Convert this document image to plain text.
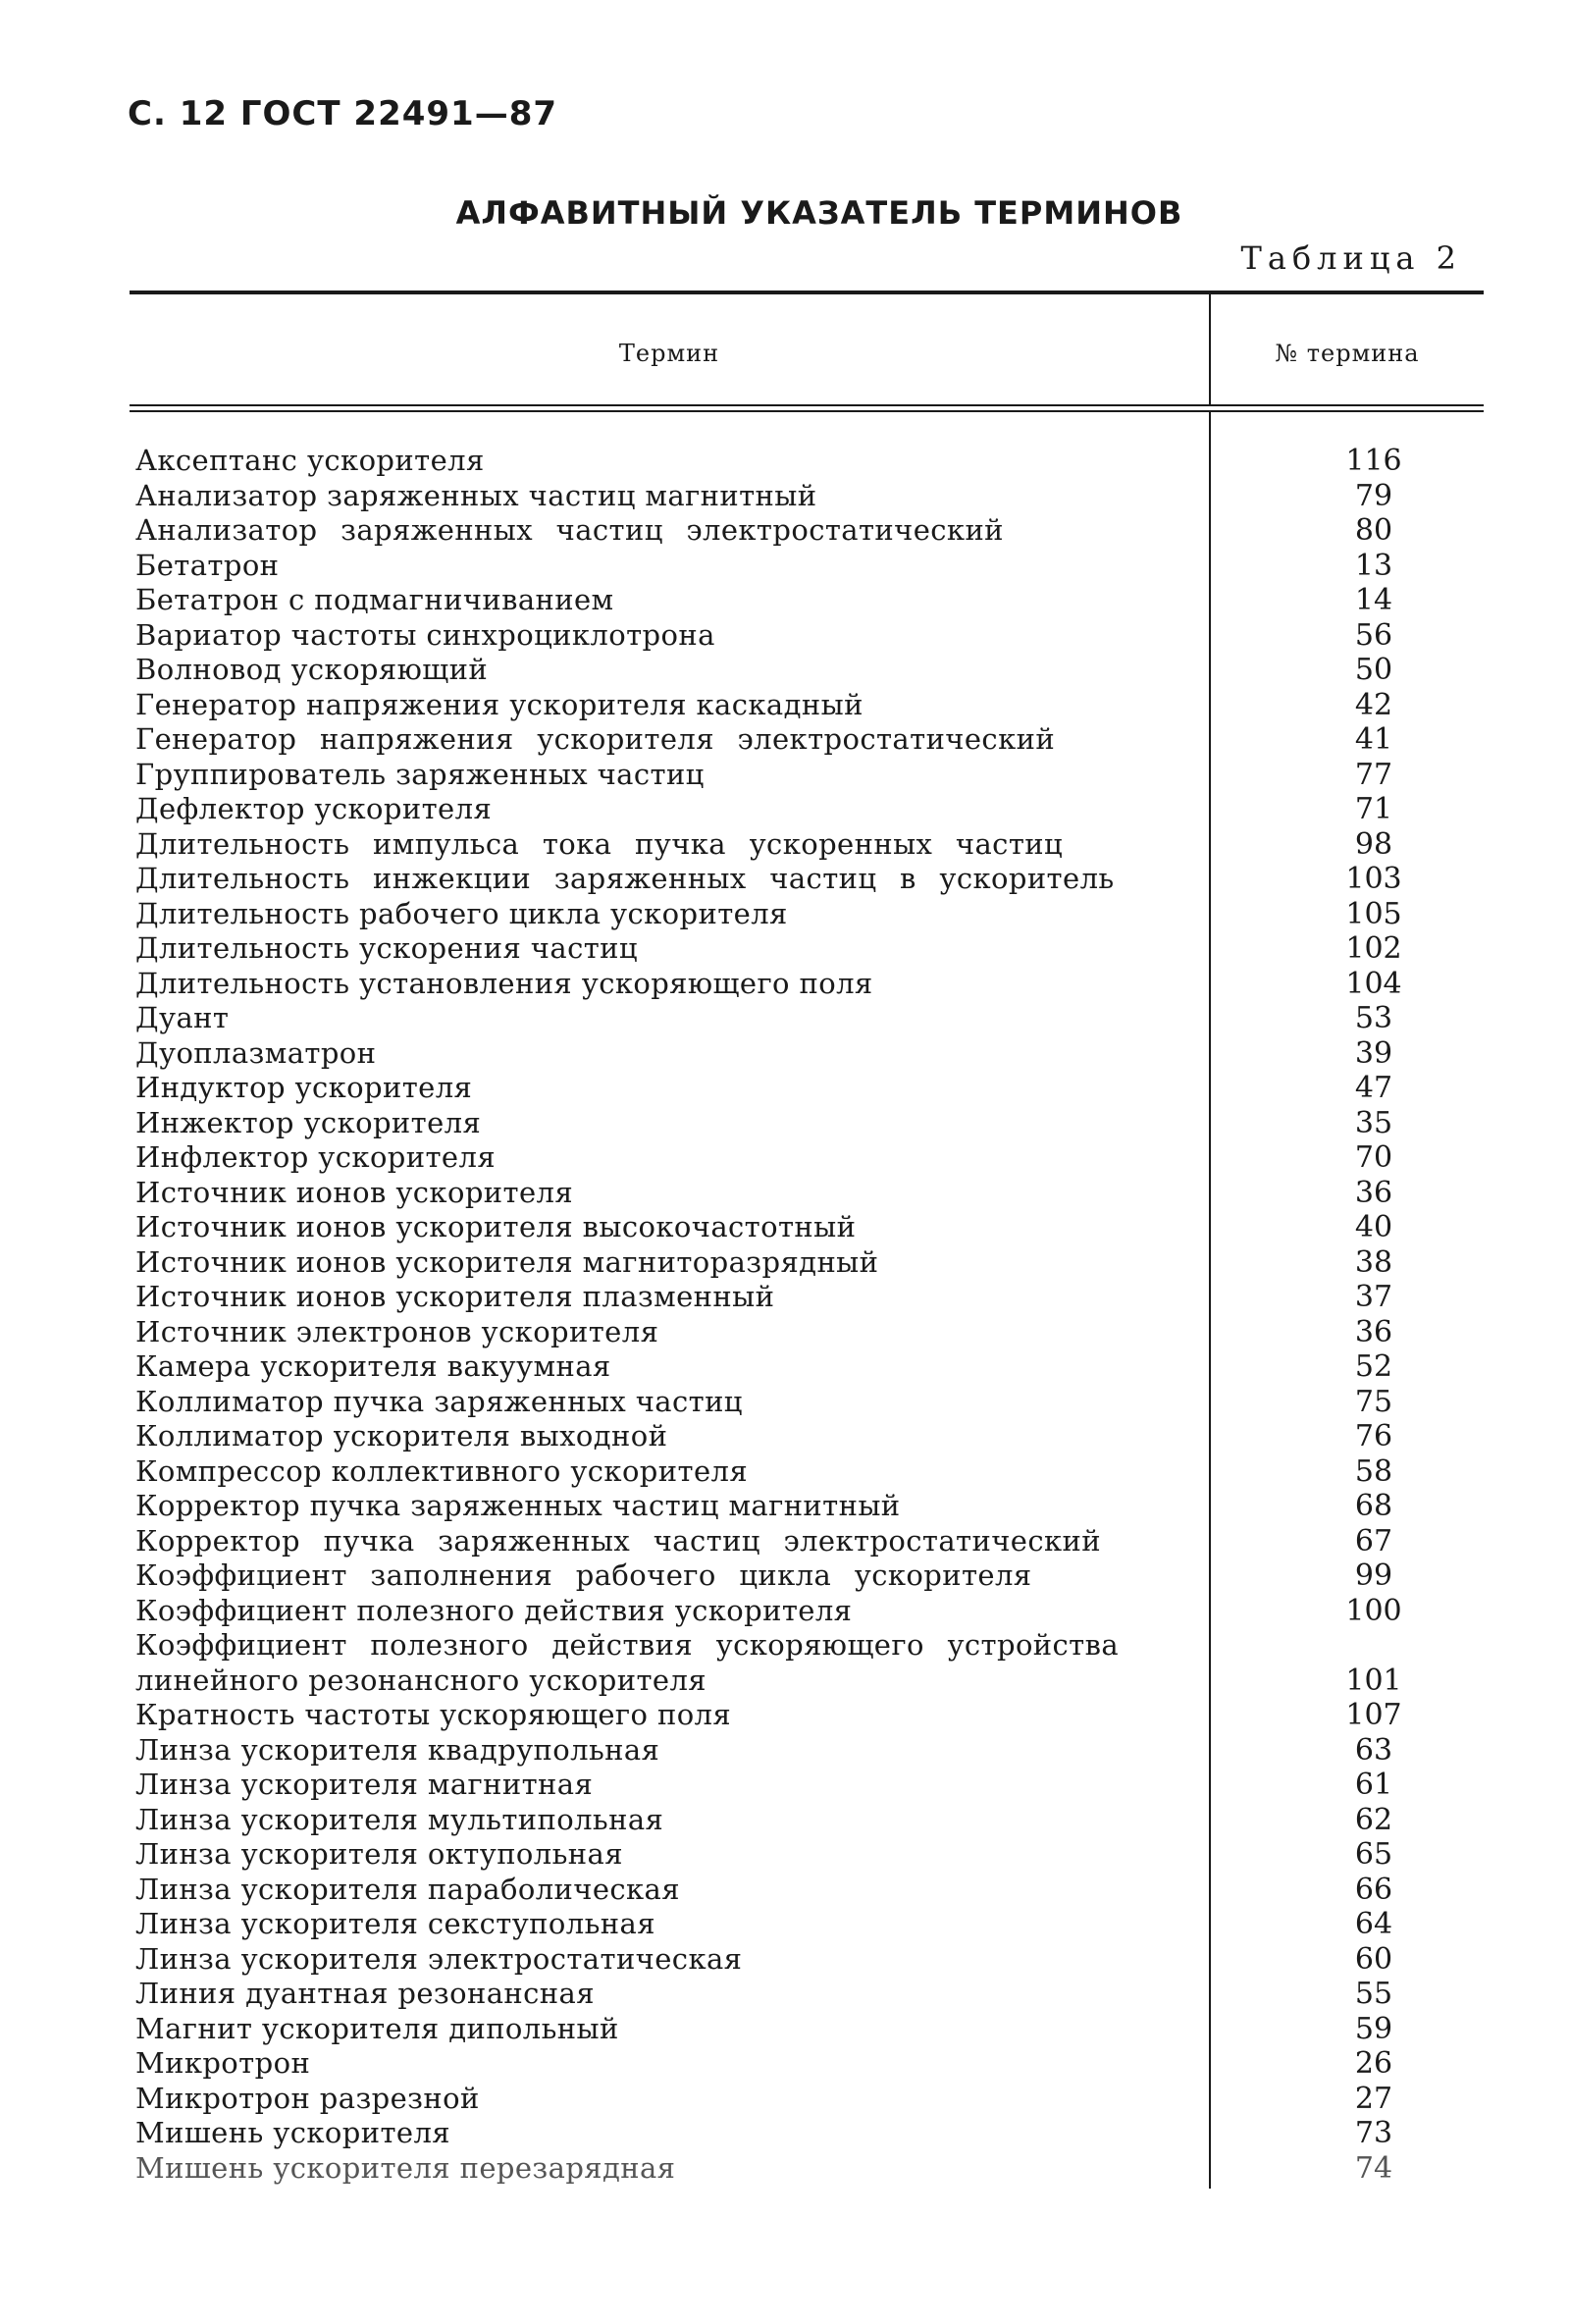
С. 12 ГОСТ 22491—87
АЛФАВИТНЫЙ УКАЗАТЕЛЬ ТЕРМИНОВ
Таблица 2
Термин	№ термина
Аксептанс ускорителя	116
Анализатор заряженных частиц магнитный	79
Анализатор заряженных частиц электростатический	80
Бетатрон	13
Бетатрон с подмагничиванием	14
Вариатор частоты синхроциклотрона	56
Волновод ускоряющий	50
Генератор напряжения ускорителя каскадный	42
Генератор напряжения ускорителя электростатический	41
Группирователь заряженных частиц	77
Дефлектор ускорителя	71
Длительность импульса тока пучка ускоренных частиц	98
Длительность инжекции заряженных частиц в ускоритель	103
Длительность рабочего цикла ускорителя	105
Длительность ускорения частиц	102
Длительность установления ускоряющего поля	104
Дуант	53
Дуоплазматрон	39
Индуктор ускорителя	47
Инжектор ускорителя	35
Инфлектор ускорителя	70
Источник ионов ускорителя	36
Источник ионов ускорителя высокочастотный	40
Источник ионов ускорителя магниторазрядный	38
Источник ионов ускорителя плазменный	37
Источник электронов ускорителя	36
Камера ускорителя вакуумная	52
Коллиматор пучка заряженных частиц	75
Коллиматор ускорителя выходной	76
Компрессор коллективного ускорителя	58
Корректор пучка заряженных частиц магнитный	68
Корректор пучка заряженных частиц электростатический	67
Коэффициент заполнения рабочего цикла ускорителя	99
Коэффициент полезного действия ускорителя	100
Коэффициент полезного действия ускоряющего устройства
линейного резонансного ускорителя	101
Кратность частоты ускоряющего поля	107
Линза ускорителя квадрупольная	63
Линза ускорителя магнитная	61
Линза ускорителя мультипольная	62
Линза ускорителя октупольная	65
Линза ускорителя параболическая	66
Линза ускорителя секступольная	64
Линза ускорителя электростатическая	60
Линия дуантная резонансная	55
Магнит ускорителя дипольный	59
Микротрон	26
Микротрон разрезной	27
Мишень ускорителя	73
Мишень ускорителя перезарядная	74
